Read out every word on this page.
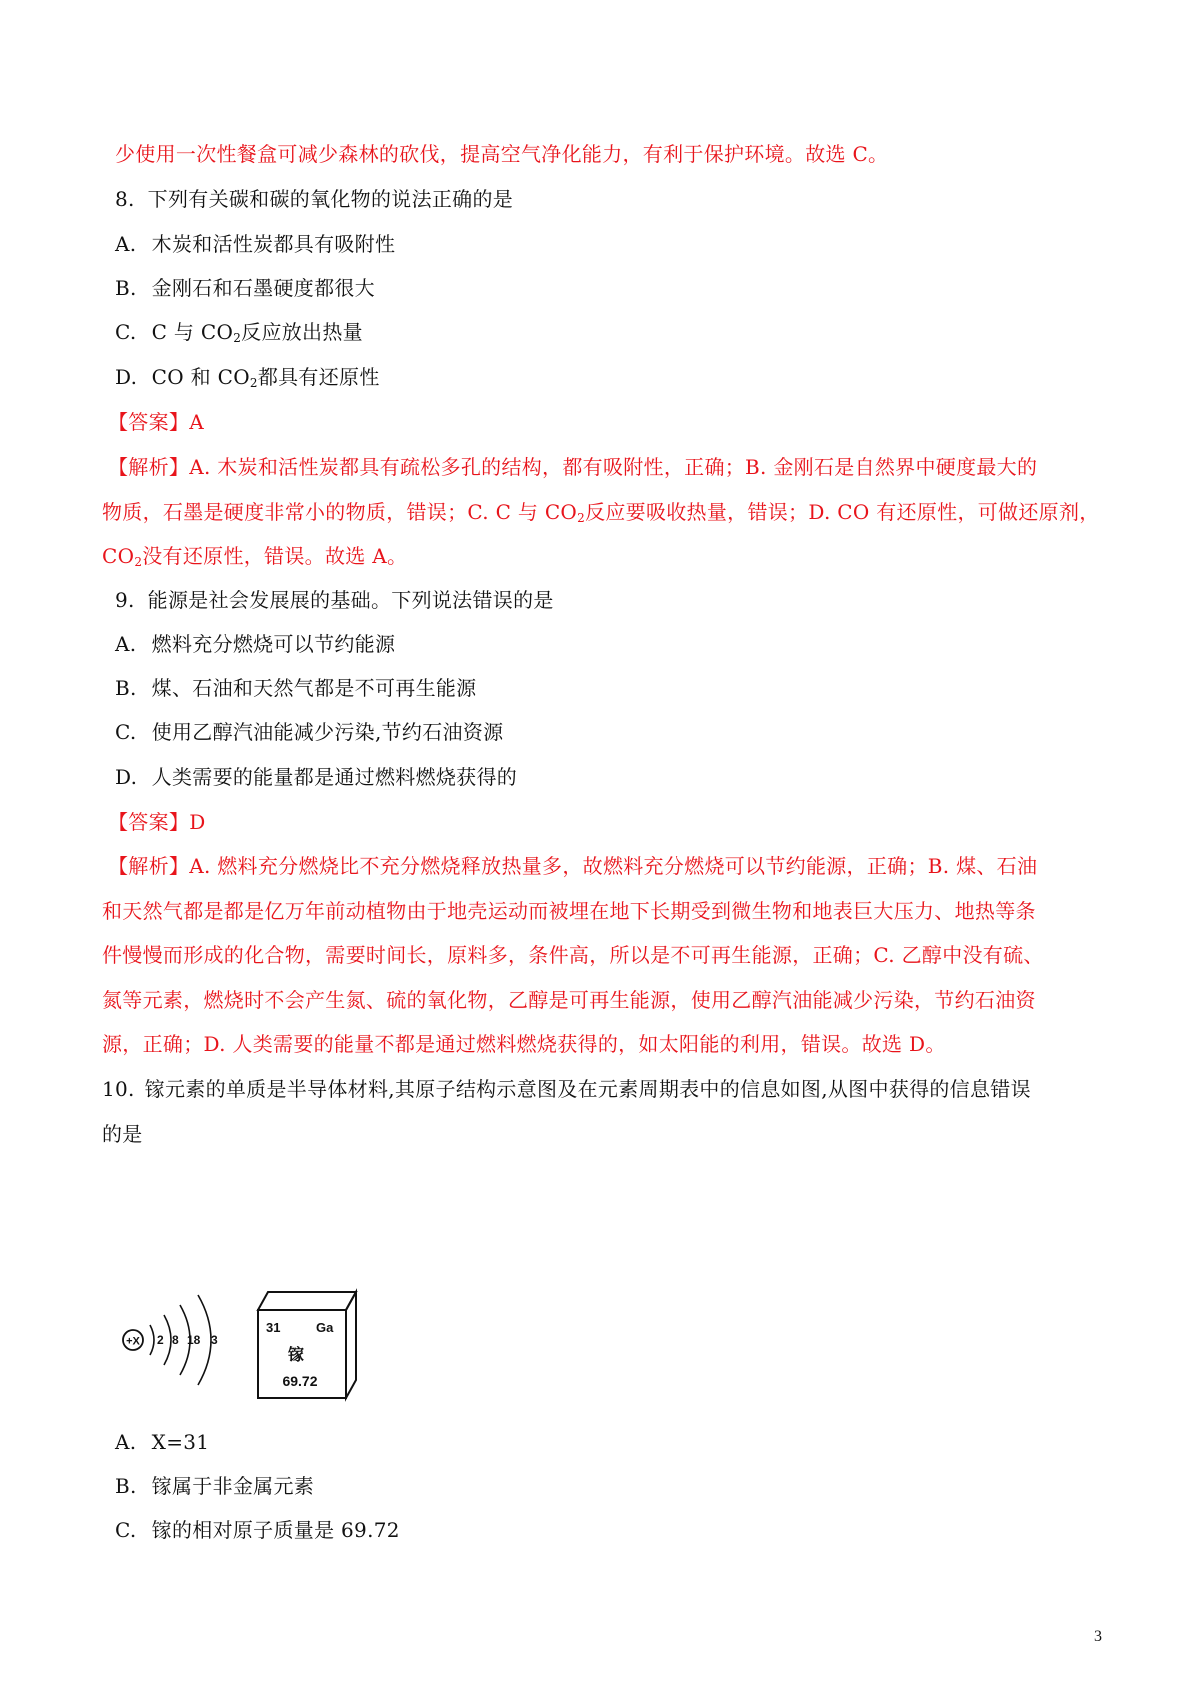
少使用一次性餐盒可减少森林的砍伐，提高空气净化能力，有利于保护环境。故选 C。
8. 下列有关碳和碳的氧化物的说法正确的是
A. 木炭和活性炭都具有吸附性
B. 金刚石和石墨硬度都很大
C. C 与 $CO_2$反应放出热量
D. CO 和 $CO_2$都具有还原性
【答案】A
【解析】A. 木炭和活性炭都具有疏松多孔的结构，都有吸附性，正确；B. 金刚石是自然界中硬度最大的
物质，石墨是硬度非常小的物质，错误；C. C 与 $CO_2$反应要吸收热量，错误；D. CO 有还原性，可做还原剂，
$CO_2$没有还原性，错误。故选 A。
9. 能源是社会发展展的基础。下列说法错误的是
A. 燃料充分燃烧可以节约能源
B. 煤、石油和天然气都是不可再生能源
C. 使用乙醇汽油能减少污染,节约石油资源
D. 人类需要的能量都是通过燃料燃烧获得的
【答案】D
【解析】A. 燃料充分燃烧比不充分燃烧释放热量多，故燃料充分燃烧可以节约能源，正确；B. 煤、石油
和天然气都是都是亿万年前动植物由于地壳运动而被埋在地下长期受到微生物和地表巨大压力、地热等条
件慢慢而形成的化合物，需要时间长，原料多，条件高，所以是不可再生能源，正确；C. 乙醇中没有硫、
氮等元素，燃烧时不会产生氮、硫的氧化物，乙醇是可再生能源，使用乙醇汽油能减少污染，节约石油资
源，正确；D. 人类需要的能量不都是通过燃料燃烧获得的，如太阳能的利用，错误。故选 D。
10. 镓元素的单质是半导体材料,其原子结构示意图及在元素周期表中的信息如图,从图中获得的信息错误
的是
+X 2 8 18 3
31	Ga
镓
69.72
A. X=31
B. 镓属于非金属元素
C. 镓的相对原子质量是 69.72
3
